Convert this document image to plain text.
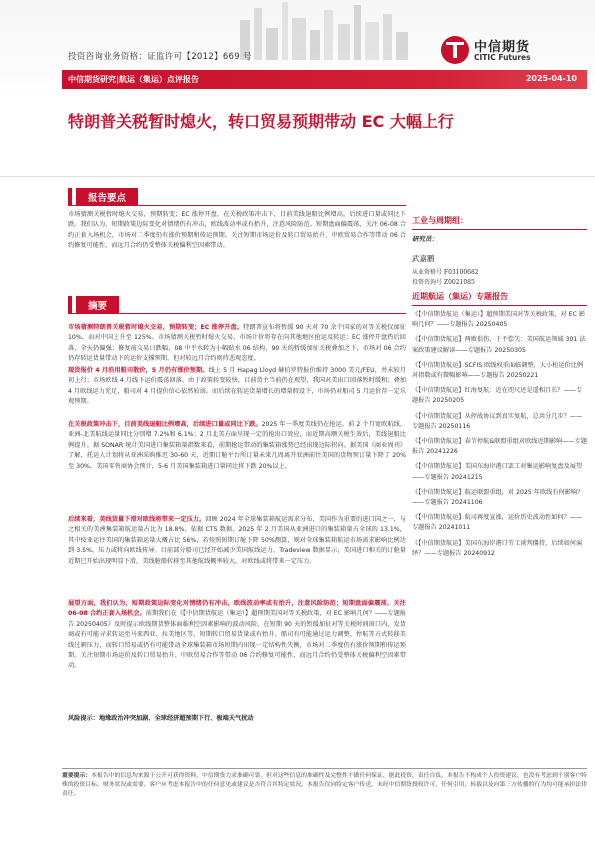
投资咨询业务资格：证监许可【2012】669 号
中信期货
CITIC Futures
中信期货研究|航运（集运）点评报告	2025-04-10
特朗普关税暂时熄火，转口贸易预期带动 EC 大幅上行
报告要点
市场猜测关税暂时熄火交易，预期转变；EC 涨停开盘。在关税政策冲击下，目前美线退船比例增高，后续进口量或同比下跌。我们认为，短期政策边际变化对情绪仍有冲击，欧线波动率或有抬升，注意风险防范。短期盘面偏震荡，关注 06-08 合约正套入场机会，市场对二季度仍有涨价预期和传运预期。关注短期市场运价及转口贸易抬升、中欧贸易合作等带动 06 合约修复可能性，而远月合约仍受整体关税偏利空因素带动。
摘要
市场猜测特朗普关税暂时熄火交易，预期转变；EC 涨停开盘。特朗普宣布将暂缓 90 天对 70 余个国家的对等关税仅加征 10%，而对中国上升至 125%。市场猜测关税暂时熄火交易，市场计价将存在向其他地区抢运及转运；EC 涨停开盘热后回落，全天仍偏强；修复前交易日跌幅，08 中平水转为小幅贴水 06 结构，90 天的暂缓加征关税叠加之下，市场对 06 合约仍存转运货量带动下的运价支撑预期，但对较远月合约则持悲观态度。
现货报价 4 月沿用船司散价，5 月仍有涨价预期。线上 5 月 Hapag Lloyd 赫伯罗特报价维持 3000 美元/FEU，并未较月初上行；市场欧线 4 月线下运价震荡回落。由于政策转变较快，目前货主当前仍在观望，我国对美出口回落暂时缓和；叠加 4 月欧线运力充足，船司对 4 月提价信心依然较弱。而后续在转运货量增长的增量假设下，市场仍对船司 5 月运价存一定乐观预期。
在关税政策冲击下，目前美线退船比例增高，后续进口量或同比下跌。2025 年一季度美线仍在抢运。前 2 个月宽欧航线、亚洲-北美航线运量同比分别增 7.2%和 6.1%；2 月北美方面呈现一定的抢出口效应，而近期高额关税生效后，美线退船比例提升。据 SONAR 统计美国进口集装箱量指数来看，前期抢运带动的集装箱涨势已经出现边际拐向。据美国《商业周刊》了解，托运人计划将从亚洲采购推迟 30-60 天，近期订舱平台所订量未来几周离开亚洲前往美国的货物预订量下降了 20% 至 30%。美国零售商协会预计，5-6 月美国集装箱进口量同比将下跌 20%以上。
后续来看，美线货量下滑对欧线将带来一定压力。回顾 2024 年全球集装箱航运需求分布，美国作为重要的进口国之一，与之相关的美洲集装箱航运量占比为 18.8%。依据 CTS 数据，2025 年 2 月美国从亚洲进口的集装箱量占全球的 13.1%，其中按亚运往美国的集装箱运量大概占比 56%，若按照短期订舱下降 50%测算，则对全球集装箱航运市场需求影响比例达到 3.5%，压力或将向欧线传导。目前部分船司已经开始减少美国航线运力，Tradeview 数据显示，美国进口相关的订舱量近期已开始出现明显下滑，美线舱船转移至其他航线概率较大，对欧线或将带来一定压力。
展望方面，我们认为，短期政策边际变化对情绪仍有冲击，欧线波动率或有抬升，注意风险防范；短期盘面偏震荡，关注 06-08 合约正套入场机会。前期我们在《【中信期货航运（集运）】超预期美国对等关税政策，对 EC 影响几何？——专题报告 20250405》及时提示欧线期货整体面临利空因素影响的波动风险，在短期 90 天的暂缓加征对等关税时间窗口内，发货商或有可能寻求转运至马来西亚、拉美地区等，短期转口贸易货量或有抬升。船司有可能通过运力调整、停航等方式转移美线过剩压力，而转口贸易或仍有可能带动全球集装箱市场短期内出现一定结构性失衡，市场对二季度仍有涨价预期和传运预期。关注短期市场运价及转口贸易抬升、中欧贸易合作等带动 06 合约修复可能性，而远月合约仍受整体关税偏利空因素带动。
风险提示：地缘政治冲突加剧、全球经济超预期下行、极端天气扰动
工业与周期组：
研究员：
武嘉鹏
从业资格号 F03100682
投资咨询号 Z0021085
近期航运（集运）专题报告
《【中信期货航运（集运）】超预期美国对等关税政策，对 EC 影响几何？——专题报告 20250405
《【中信期货航运】两败俱伤，于不偿失：美国航运领域 301 法案政策建议解读——专题报告 20250305
《【中信期货航运】SCFIS 欧线权重面临调整，大小柜运价比例对指数或有微幅影响——专题报告 20250221
《【中信期货航运】红海复航：近在咫尺还是遥相且长？——专题报告 20250205
《【中信期货航运】从停战协议到真实复航，总共分几步？——专题报告 20250116
《【中信期货航运】春节停航&联盟重组对欧线近期影响——专题报告 20241226
《【中信期货航运】美国东海岸港口罢工对集运影响复盘及展望——专题报告 20241215
《【中信期货航运】航运联盟重组，对 2025 年欧线有何影响？——专题报告 20241106
《【中信期货航运】航司再度宣涨，运价历史波动性如何？——专题报告 20241011
《【中信期货航运】美国东海岸港口劳工谈判僵持，后续如何演绎？——专题报告 20240912
重要提示：本报告中的信息均来源于公开可获得资料，中信期货力求准确可靠，但对这些信息的准确性及完整性不做任何保证，据此投资，责任自负。本报告不构成个人投资建议，也没有考虑到个别客户特殊的投资目标、财务状况或需要。客户应考虑本报告中的任何意见或建议是否符合其特定状况。本报告仅向特定客户传送，未经中信期货授权许可，任何引用、转载以及向第三方传播的行为均可能承担法律责任。
